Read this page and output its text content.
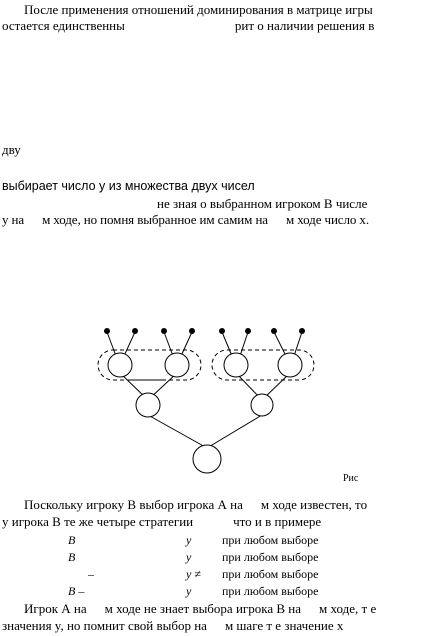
После применения отношений доминирования в матрице игры
остается единственны	рит о наличии решения в
дву
выбирает число y из множества двух чисел
не зная о выбранном игроком В числе
y на м ходе, но помня выбранное им самим на м ходе число x.
Рис
Поскольку игроку В выбор игрока А на м ходе известен, то
у игрока В те же четыре стратегии	что и в примере
B	y	при любом выборе
B	y	при любом выборе
–	y ≠ при любом выборе
B –	y	при любом выборе
Игрок А на м ходе не знает выбора игрока В на м ходе, т е
значения y, но помнит свой выбор на м шаге т е значение x
